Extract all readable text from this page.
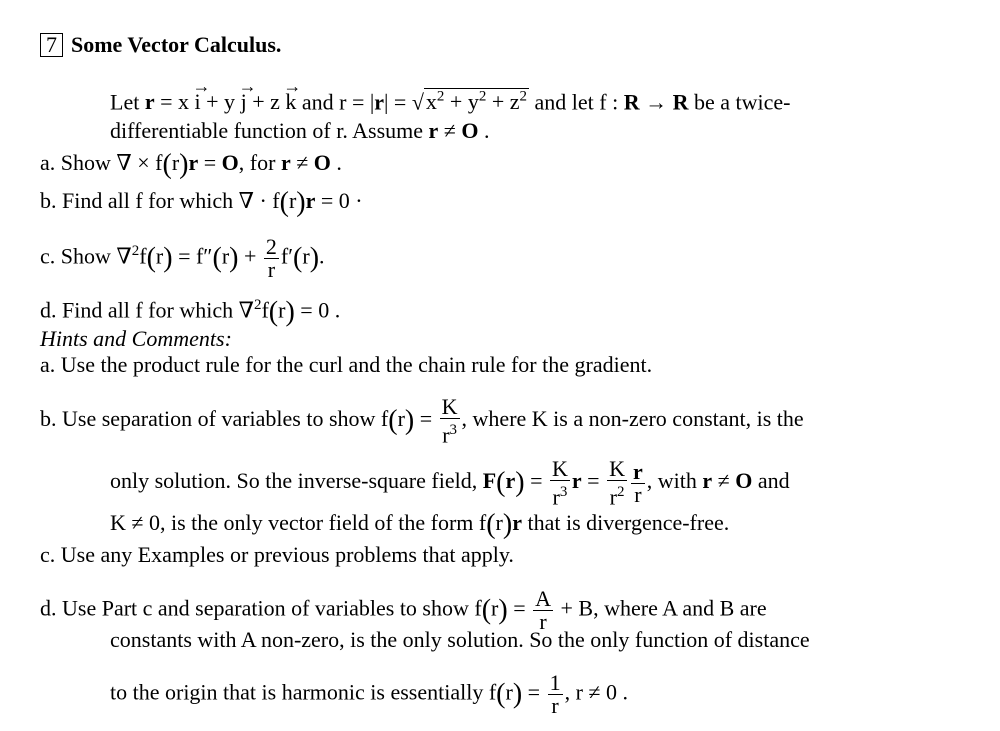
7 Some Vector Calculus.
Let r = x → i + y → j + z → k and $r = |r| = √x^2 + y^2 + z^2$ and let f : R → R be a twice-
differentiable function of r. Assume r ≠ O .
a. Show ∇ × f(r)r = O, for r ≠ O .
b. Find all f for which ∇ · f(r)r = 0 ·
c. Show $\nabla^2f(r) = f''(r) + \frac{2}{r} f'(r)$.
d. Find all f for which ∇$^2$f(r) = 0 .
Hints and Comments:
a. Use the product rule for the curl and the chain rule for the gradient.
b. Use separation of variables to show $f(r) = \frac{K}{r^3}$ , where K is a non-zero constant, is the
only solution. So the inverse-square field, $F(r) = \frac{K}{r^3}$ $r = \frac{K}{r^2} \frac{r}{r}$ , with r ≠ O and
K ≠ 0, is the only vector field of the form f(r)r that is divergence-free.
c. Use any Examples or previous problems that apply.
d. Use Part c and separation of variables to show $f(r) = \frac{A}{r} + B$, where A and B are
constants with A non-zero, is the only solution. So the only function of distance
to the origin that is harmonic is essentially $f(r) = \frac{1}{r}$ , r ≠ 0 .
